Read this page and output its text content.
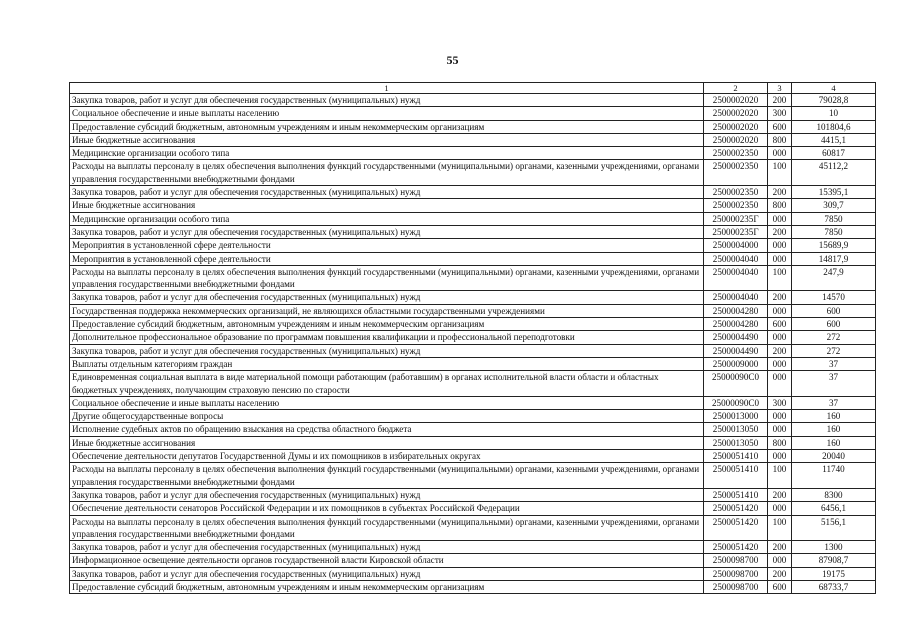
55
1	2	3	4
Закупка товаров, работ и услуг для обеспечения государственных (муниципальных) нужд	2500002020	200	79028,8
Социальное обеспечение и иные выплаты населению	2500002020	300	10
Предоставление субсидий бюджетным, автономным учреждениям и иным некоммерческим организациям	2500002020	600	101804,6
Иные бюджетные ассигнования	2500002020	800	4415,1
Медицинские организации особого типа	2500002350	000	60817
Расходы на выплаты персоналу в целях обеспечения выполнения функций государственными (муниципальными) органами, казенными учреждениями, органами управления государственными внебюджетными фондами	2500002350	100	45112,2
Закупка товаров, работ и услуг для обеспечения государственных (муниципальных) нужд	2500002350	200	15395,1
Иные бюджетные ассигнования	2500002350	800	309,7
Медицинские организации особого типа	250000235Г	000	7850
Закупка товаров, работ и услуг для обеспечения государственных (муниципальных) нужд	250000235Г	200	7850
Мероприятия в установленной сфере деятельности	2500004000	000	15689,9
Мероприятия в установленной сфере деятельности	2500004040	000	14817,9
Расходы на выплаты персоналу в целях обеспечения выполнения функций государственными (муниципальными) органами, казенными учреждениями, органами управления государственными внебюджетными фондами	2500004040	100	247,9
Закупка товаров, работ и услуг для обеспечения государственных (муниципальных) нужд	2500004040	200	14570
Государственная поддержка некоммерческих организаций, не являющихся областными государственными учреждениями	2500004280	000	600
Предоставление субсидий бюджетным, автономным учреждениям и иным некоммерческим организациям	2500004280	600	600
Дополнительное профессиональное образование по программам повышения квалификации и профессиональной переподготовки	2500004490	000	272
Закупка товаров, работ и услуг для обеспечения государственных (муниципальных) нужд	2500004490	200	272
Выплаты отдельным категориям граждан	2500009000	000	37
Единовременная социальная выплата в виде материальной помощи работающим (работавшим) в органах исполнительной власти области и областных бюджетных учреждениях, получающим страховую пенсию по старости	25000090С0	000	37
Социальное обеспечение и иные выплаты населению	25000090С0	300	37
Другие общегосударственные вопросы	2500013000	000	160
Исполнение судебных актов по обращению взыскания на средства областного бюджета	2500013050	000	160
Иные бюджетные ассигнования	2500013050	800	160
Обеспечение деятельности депутатов Государственной Думы и их помощников в избирательных округах	2500051410	000	20040
Расходы на выплаты персоналу в целях обеспечения выполнения функций государственными (муниципальными) органами, казенными учреждениями, органами управления государственными внебюджетными фондами	2500051410	100	11740
Закупка товаров, работ и услуг для обеспечения государственных (муниципальных) нужд	2500051410	200	8300
Обеспечение деятельности сенаторов Российской Федерации и их помощников в субъектах Российской Федерации	2500051420	000	6456,1
Расходы на выплаты персоналу в целях обеспечения выполнения функций государственными (муниципальными) органами, казенными учреждениями, органами управления государственными внебюджетными фондами	2500051420	100	5156,1
Закупка товаров, работ и услуг для обеспечения государственных (муниципальных) нужд	2500051420	200	1300
Информационное освещение деятельности органов государственной власти Кировской области	2500098700	000	87908,7
Закупка товаров, работ и услуг для обеспечения государственных (муниципальных) нужд	2500098700	200	19175
Предоставление субсидий бюджетным, автономным учреждениям и иным некоммерческим организациям	2500098700	600	68733,7
